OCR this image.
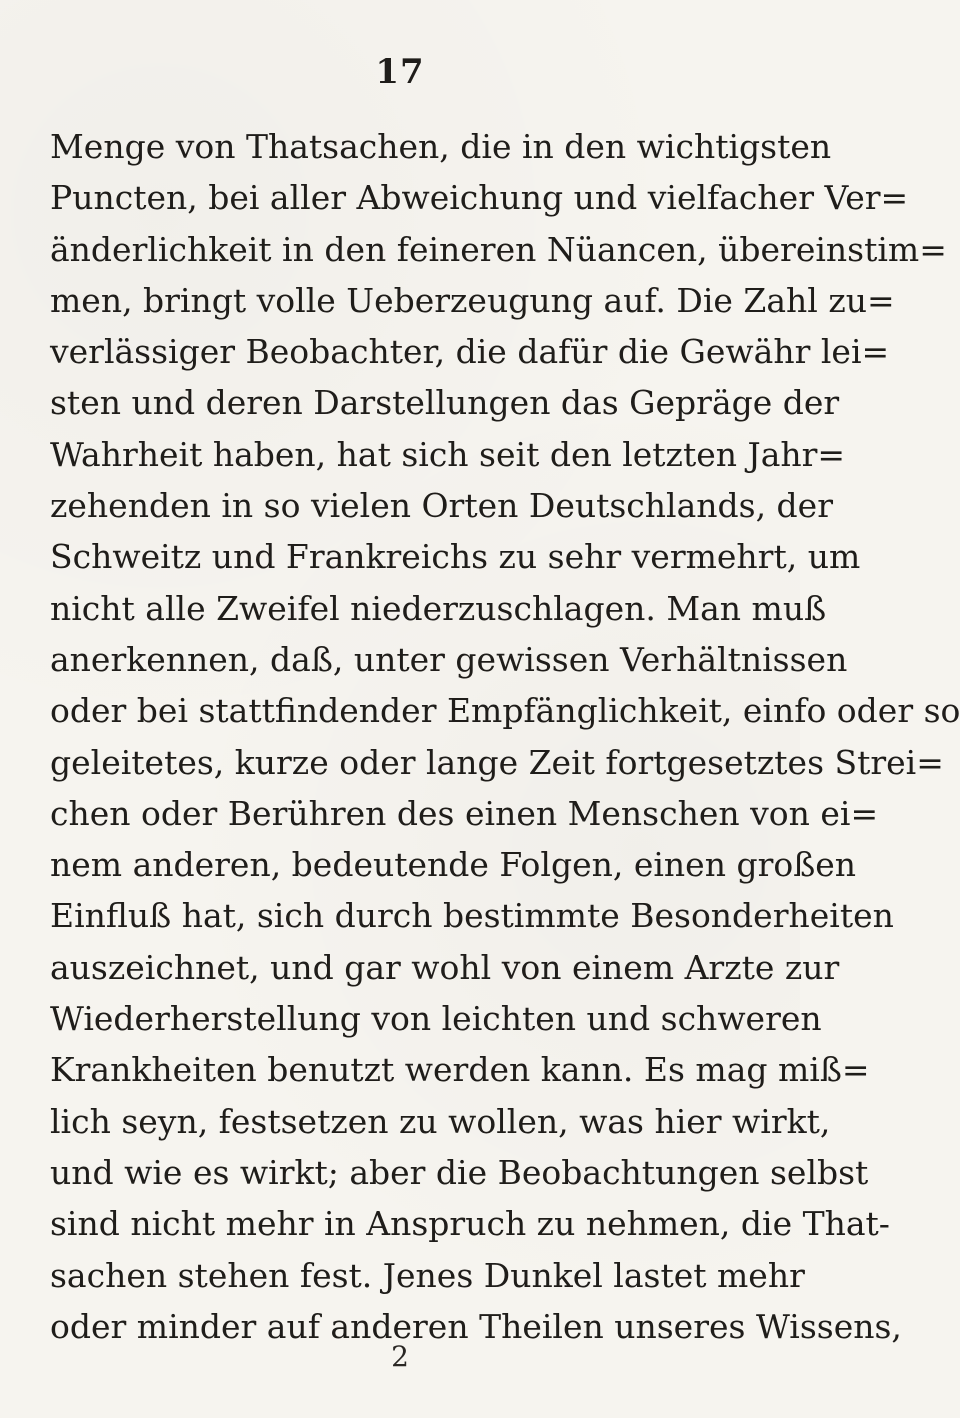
17
Menge von Thatsachen, die in den wichtigsten
Puncten, bei aller Abweichung und vielfacher Ver=
änderlichkeit in den feineren Nüancen, übereinstim=
men, bringt volle Ueberzeugung auf. Die Zahl zu=
verlässiger Beobachter, die dafür die Gewähr lei=
sten und deren Darstellungen das Gepräge der
Wahrheit haben, hat sich seit den letzten Jahr=
zehenden in so vielen Orten Deutschlands, der
Schweitz und Frankreichs zu sehr vermehrt, um
nicht alle Zweifel niederzuschlagen. Man muß
anerkennen, daß, unter gewissen Verhältnissen
oder bei stattfindender Empfänglichkeit, einfo oder so
geleitetes, kurze oder lange Zeit fortgesetztes Strei=
chen oder Berühren des einen Menschen von ei=
nem anderen, bedeutende Folgen, einen großen
Einfluß hat, sich durch bestimmte Besonderheiten
auszeichnet, und gar wohl von einem Arzte zur
Wiederherstellung von leichten und schweren
Krankheiten benutzt werden kann. Es mag miß=
lich seyn, festsetzen zu wollen, was hier wirkt,
und wie es wirkt; aber die Beobachtungen selbst
sind nicht mehr in Anspruch zu nehmen, die That-
sachen stehen fest. Jenes Dunkel lastet mehr
oder minder auf anderen Theilen unseres Wissens,
2
